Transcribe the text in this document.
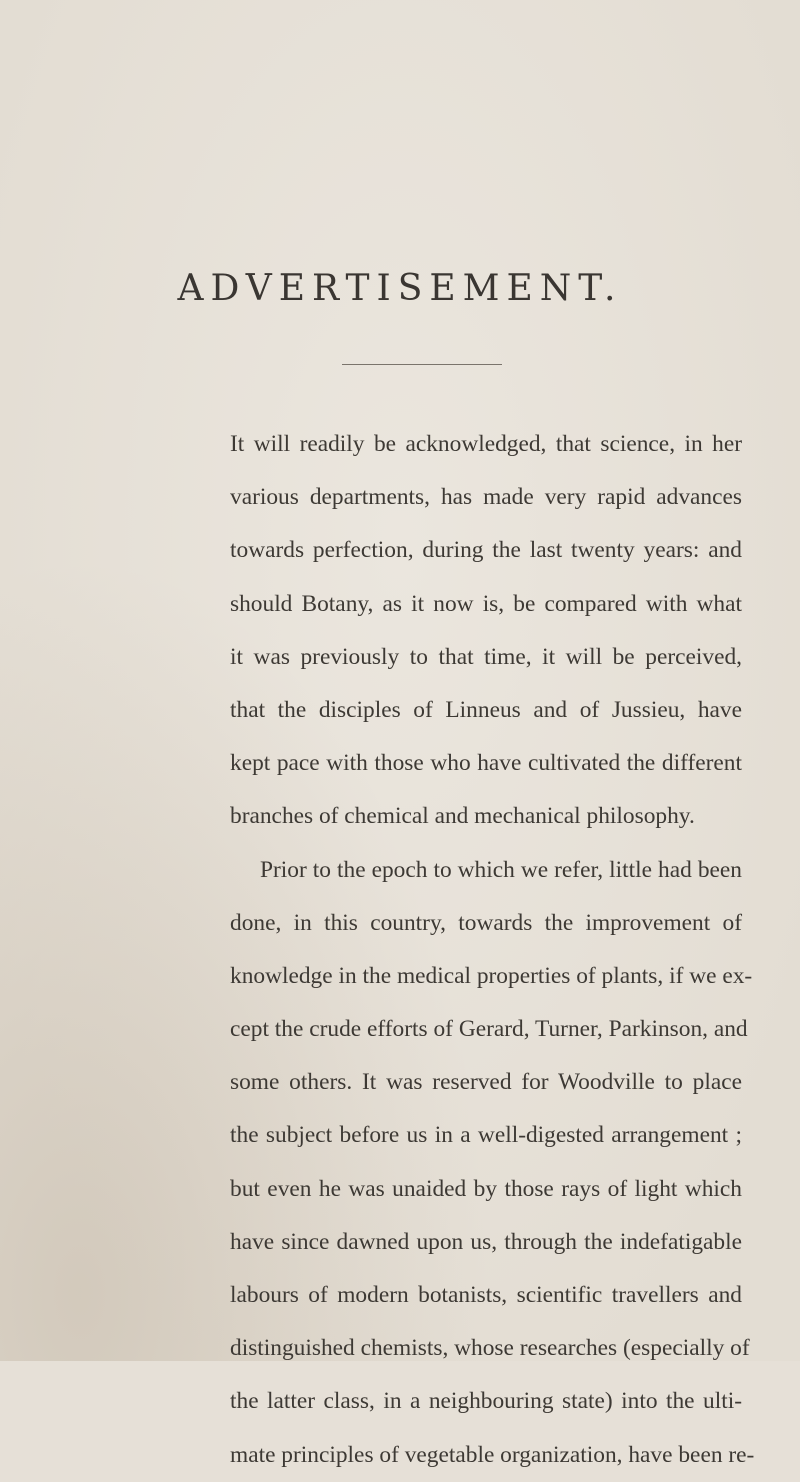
ADVERTISEMENT.
It will readily be acknowledged, that science, in her
various departments, has made very rapid advances
towards perfection, during the last twenty years: and
should Botany, as it now is, be compared with what
it was previously to that time, it will be perceived,
that the disciples of Linneus and of Jussieu, have
kept pace with those who have cultivated the different
branches of chemical and mechanical philosophy.
Prior to the epoch to which we refer, little had been
done, in this country, towards the improvement of
knowledge in the medical properties of plants, if we ex-
cept the crude efforts of Gerard, Turner, Parkinson, and
some others. It was reserved for Woodville to place
the subject before us in a well-digested arrangement ;
but even he was unaided by those rays of light which
have since dawned upon us, through the indefatigable
labours of modern botanists, scientific travellers and
distinguished chemists, whose researches (especially of
the latter class, in a neighbouring state) into the ulti-
mate principles of vegetable organization, have been re-
